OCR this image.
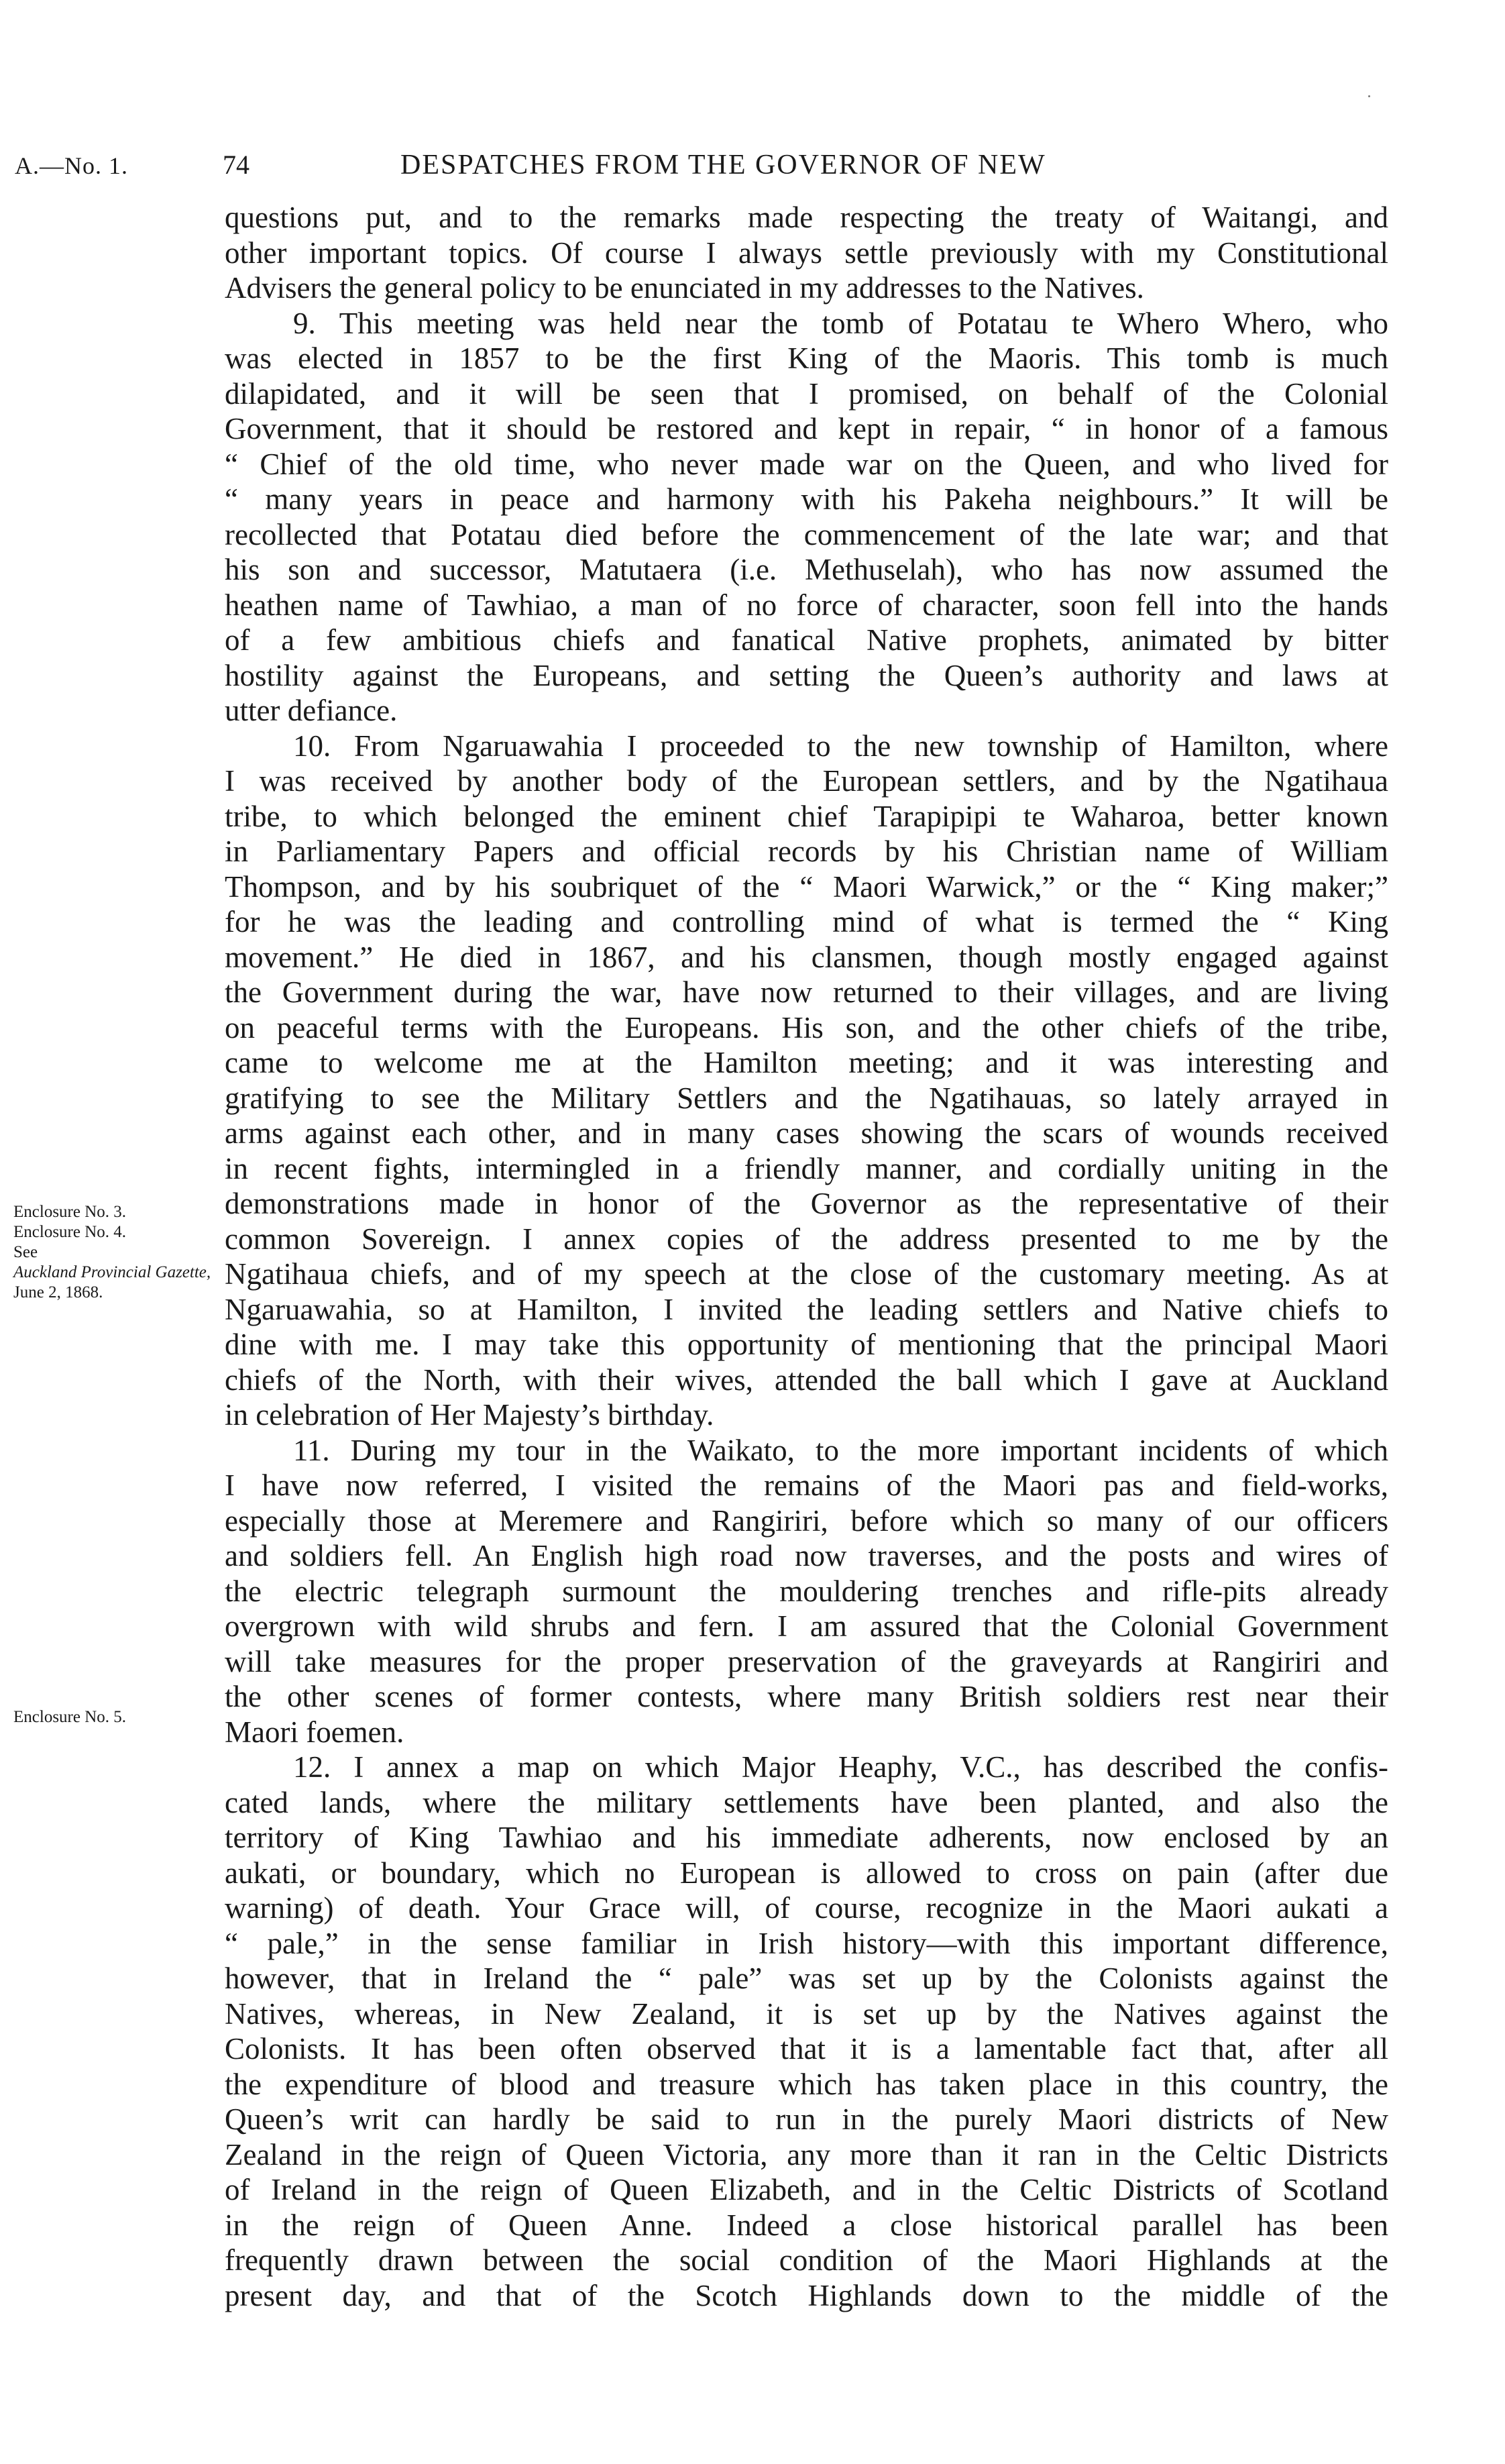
A.—No. 1.	74	DESPATCHES FROM THE GOVERNOR OF NEW
Enclosure No. 3.
Enclosure No. 4.
See
Auckland Provincial Gazette,
June 2, 1868.
Enclosure No. 5.
questions put, and to the remarks made respecting the treaty of Waitangi, and
other important topics. Of course I always settle previously with my Constitutional
Advisers the general policy to be enunciated in my addresses to the Natives.
9. This meeting was held near the tomb of Potatau te Whero Whero, who
was elected in 1857 to be the first King of the Maoris. This tomb is much
dilapidated, and it will be seen that I promised, on behalf of the Colonial
Government, that it should be restored and kept in repair, “ in honor of a famous
“ Chief of the old time, who never made war on the Queen, and who lived for
“ many years in peace and harmony with his Pakeha neighbours.” It will be
recollected that Potatau died before the commencement of the late war; and that
his son and successor, Matutaera (i.e. Methuselah), who has now assumed the
heathen name of Tawhiao, a man of no force of character, soon fell into the hands
of a few ambitious chiefs and fanatical Native prophets, animated by bitter
hostility against the Europeans, and setting the Queen’s authority and laws at
utter defiance.
10. From Ngaruawahia I proceeded to the new township of Hamilton, where
I was received by another body of the European settlers, and by the Ngatihaua
tribe, to which belonged the eminent chief Tarapipipi te Waharoa, better known
in Parliamentary Papers and official records by his Christian name of William
Thompson, and by his soubriquet of the “ Maori Warwick,” or the “ King maker;”
for he was the leading and controlling mind of what is termed the “ King
movement.” He died in 1867, and his clansmen, though mostly engaged against
the Government during the war, have now returned to their villages, and are living
on peaceful terms with the Europeans. His son, and the other chiefs of the tribe,
came to welcome me at the Hamilton meeting; and it was interesting and
gratifying to see the Military Settlers and the Ngatihauas, so lately arrayed in
arms against each other, and in many cases showing the scars of wounds received
in recent fights, intermingled in a friendly manner, and cordially uniting in the
demonstrations made in honor of the Governor as the representative of their
common Sovereign. I annex copies of the address presented to me by the
Ngatihaua chiefs, and of my speech at the close of the customary meeting. As at
Ngaruawahia, so at Hamilton, I invited the leading settlers and Native chiefs to
dine with me. I may take this opportunity of mentioning that the principal Maori
chiefs of the North, with their wives, attended the ball which I gave at Auckland
in celebration of Her Majesty’s birthday.
11. During my tour in the Waikato, to the more important incidents of which
I have now referred, I visited the remains of the Maori pas and field-works,
especially those at Meremere and Rangiriri, before which so many of our officers
and soldiers fell. An English high road now traverses, and the posts and wires of
the electric telegraph surmount the mouldering trenches and rifle-pits already
overgrown with wild shrubs and fern. I am assured that the Colonial Government
will take measures for the proper preservation of the graveyards at Rangiriri and
the other scenes of former contests, where many British soldiers rest near their
Maori foemen.
12. I annex a map on which Major Heaphy, V.C., has described the confis-
cated lands, where the military settlements have been planted, and also the
territory of King Tawhiao and his immediate adherents, now enclosed by an
aukati, or boundary, which no European is allowed to cross on pain (after due
warning) of death. Your Grace will, of course, recognize in the Maori aukati a
“ pale,” in the sense familiar in Irish history—with this important difference,
however, that in Ireland the “ pale” was set up by the Colonists against the
Natives, whereas, in New Zealand, it is set up by the Natives against the
Colonists. It has been often observed that it is a lamentable fact that, after all
the expenditure of blood and treasure which has taken place in this country, the
Queen’s writ can hardly be said to run in the purely Maori districts of New
Zealand in the reign of Queen Victoria, any more than it ran in the Celtic Districts
of Ireland in the reign of Queen Elizabeth, and in the Celtic Districts of Scotland
in the reign of Queen Anne. Indeed a close historical parallel has been
frequently drawn between the social condition of the Maori Highlands at the
present day, and that of the Scotch Highlands down to the middle of the
